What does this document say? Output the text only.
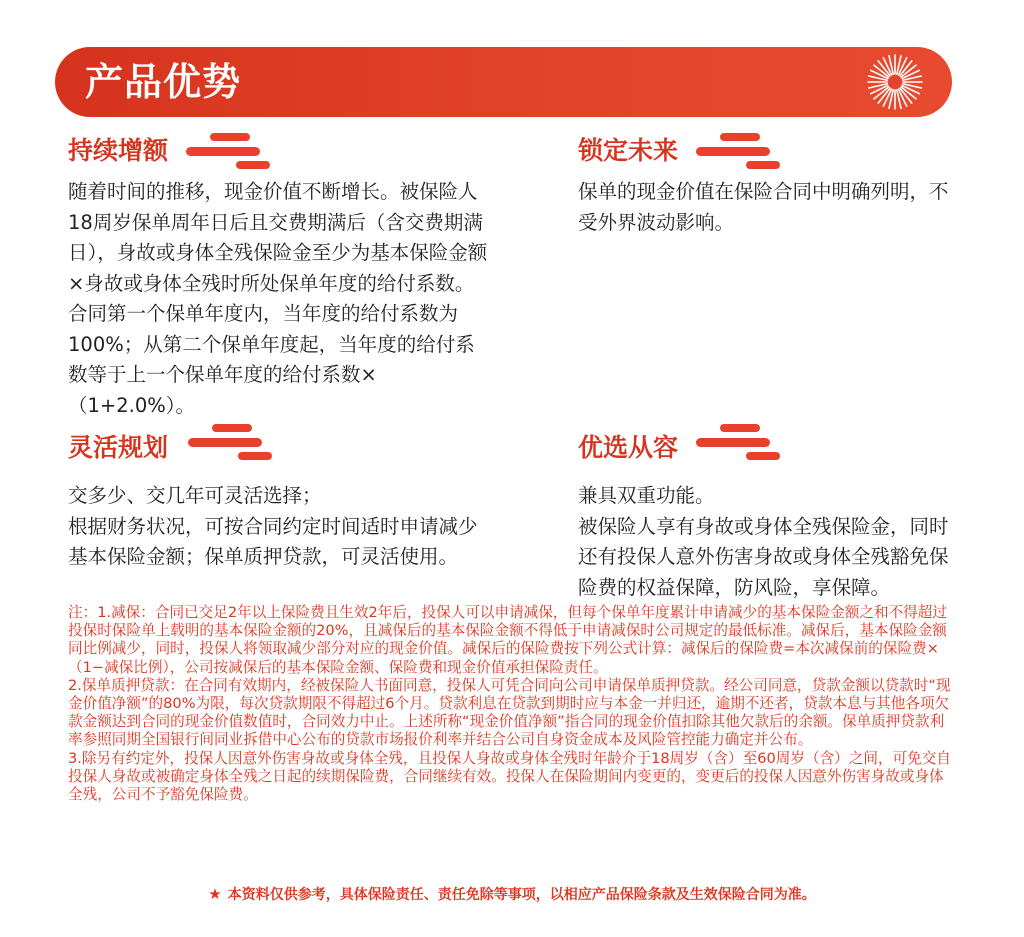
产品优势
持续增额

随着时间的推移，现金价值不断增长。被保险人18周岁保单周年日后且交费期满后（含交费期满日），身故或身体全残保险金至少为基本保险金额×身故或身体全残时所处保单年度的给付系数。合同第一个保单年度内，当年度的给付系数为100%；从第二个保单年度起，当年度的给付系数等于上一个保单年度的给付系数×（1+2.0%）。

锁定未来

保单的现金价值在保险合同中明确列明，不受外界波动影响。

灵活规划

交多少、交几年可灵活选择；

根据财务状况，可按合同约定时间适时申请减少基本保险金额；保单质押贷款，可灵活使用。

优选从容

兼具双重功能。

被保险人享有身故或身体全残保险金，同时还有投保人意外伤害身故或身体全残豁免保险费的权益保障，防风险，享保障。

注：1.减保：合同已交足2年以上保险费且生效2年后，投保人可以申请减保，但每个保单年度累计申请减少的基本保险金额之和不得超过投保时保险单上载明的基本保险金额的20%，且减保后的基本保险金额不得低于申请减保时公司规定的最低标准。减保后，基本保险金额同比例减少，同时，投保人将领取减少部分对应的现金价值。减保后的保险费按下列公式计算：减保后的保险费=本次减保前的保险费×（1−减保比例），公司按减保后的基本保险金额、保险费和现金价值承担保险责任。

2.保单质押贷款：在合同有效期内，经被保险人书面同意，投保人可凭合同向公司申请保单质押贷款。经公司同意，贷款金额以贷款时“现金价值净额”的80%为限，每次贷款期限不得超过6个月。贷款利息在贷款到期时应与本金一并归还，逾期不还者，贷款本息与其他各项欠款金额达到合同的现金价值数值时，合同效力中止。上述所称“现金价值净额”指合同的现金价值扣除其他欠款后的余额。保单质押贷款利率参照同期全国银行间同业拆借中心公布的贷款市场报价利率并结合公司自身资金成本及风险管控能力确定并公布。

3.除另有约定外，投保人因意外伤害身故或身体全残，且投保人身故或身体全残时年龄介于18周岁（含）至60周岁（含）之间，可免交自投保人身故或被确定身体全残之日起的续期保险费，合同继续有效。投保人在保险期间内变更的，变更后的投保人因意外伤害身故或身体全残，公司不予豁免保险费。

★ 本资料仅供参考，具体保险责任、责任免除等事项，以相应产品保险条款及生效保险合同为准。
